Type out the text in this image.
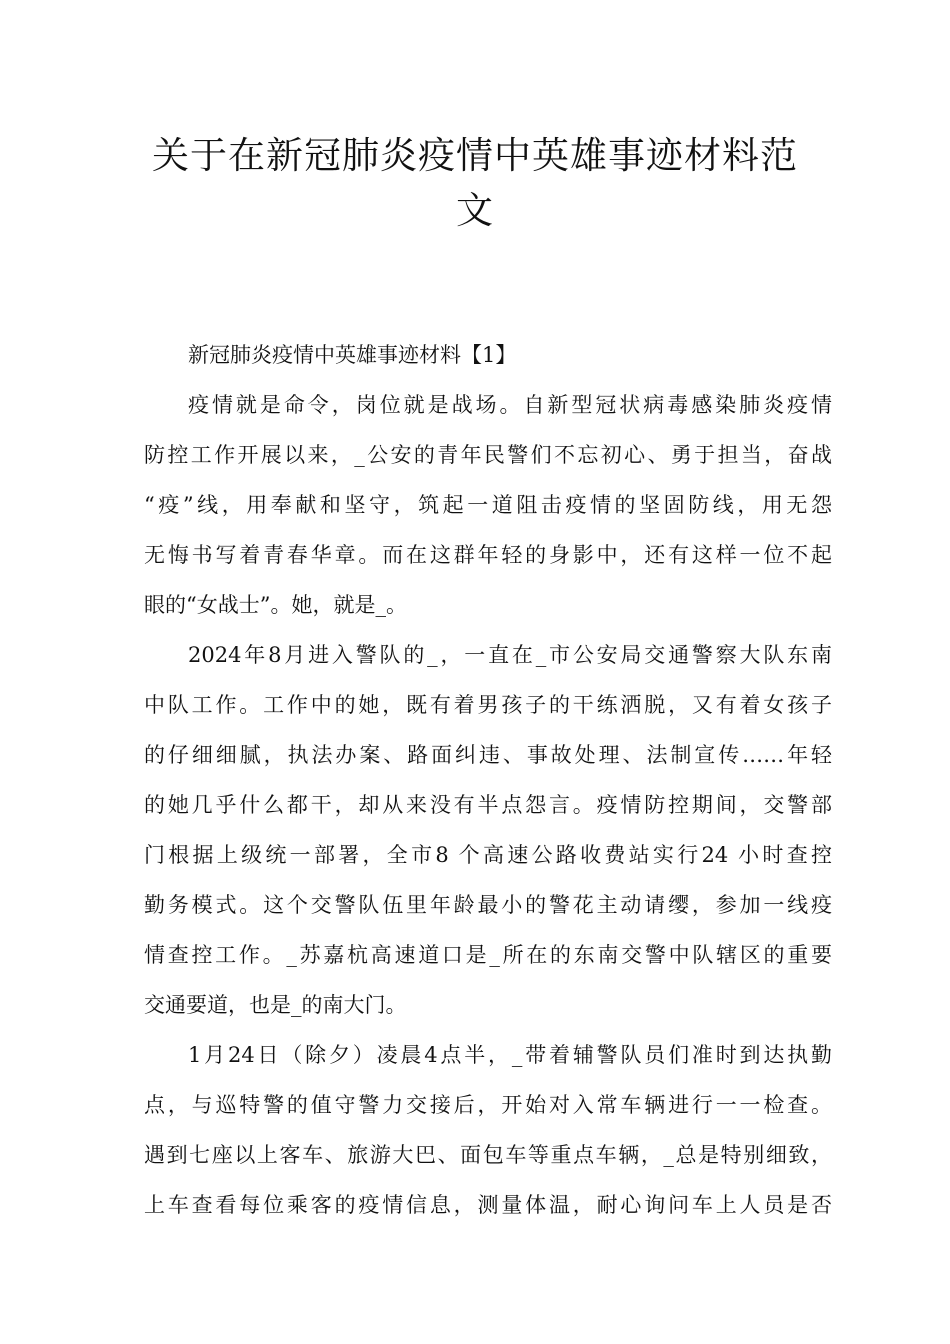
关于在新冠肺炎疫情中英雄事迹材料范
文
新冠肺炎疫情中英雄事迹材料【1】
疫情就是命令，岗位就是战场。自新型冠状病毒感染肺炎疫情
防控工作开展以来，_公安的青年民警们不忘初心、勇于担当，奋战
“疫”线，用奉献和坚守，筑起一道阻击疫情的坚固防线，用无怨
无悔书写着青春华章。而在这群年轻的身影中，还有这样一位不起
眼的“女战士”。她，就是_。
2024年8月进入警队的_，一直在_市公安局交通警察大队东南
中队工作。工作中的她，既有着男孩子的干练洒脱，又有着女孩子
的仔细细腻，执法办案、路面纠违、事故处理、法制宣传……年轻
的她几乎什么都干，却从来没有半点怨言。疫情防控期间，交警部
门根据上级统一部署，全市8 个高速公路收费站实行24 小时查控
勤务模式。这个交警队伍里年龄最小的警花主动请缨，参加一线疫
情查控工作。_苏嘉杭高速道口是_所在的东南交警中队辖区的重要
交通要道，也是_的南大门。
1月24日（除夕）凌晨4点半，_带着辅警队员们准时到达执勤
点，与巡特警的值守警力交接后，开始对入常车辆进行一一检查。
遇到七座以上客车、旅游大巴、面包车等重点车辆，_总是特别细致，
上车查看每位乘客的疫情信息，测量体温，耐心询问车上人员是否
